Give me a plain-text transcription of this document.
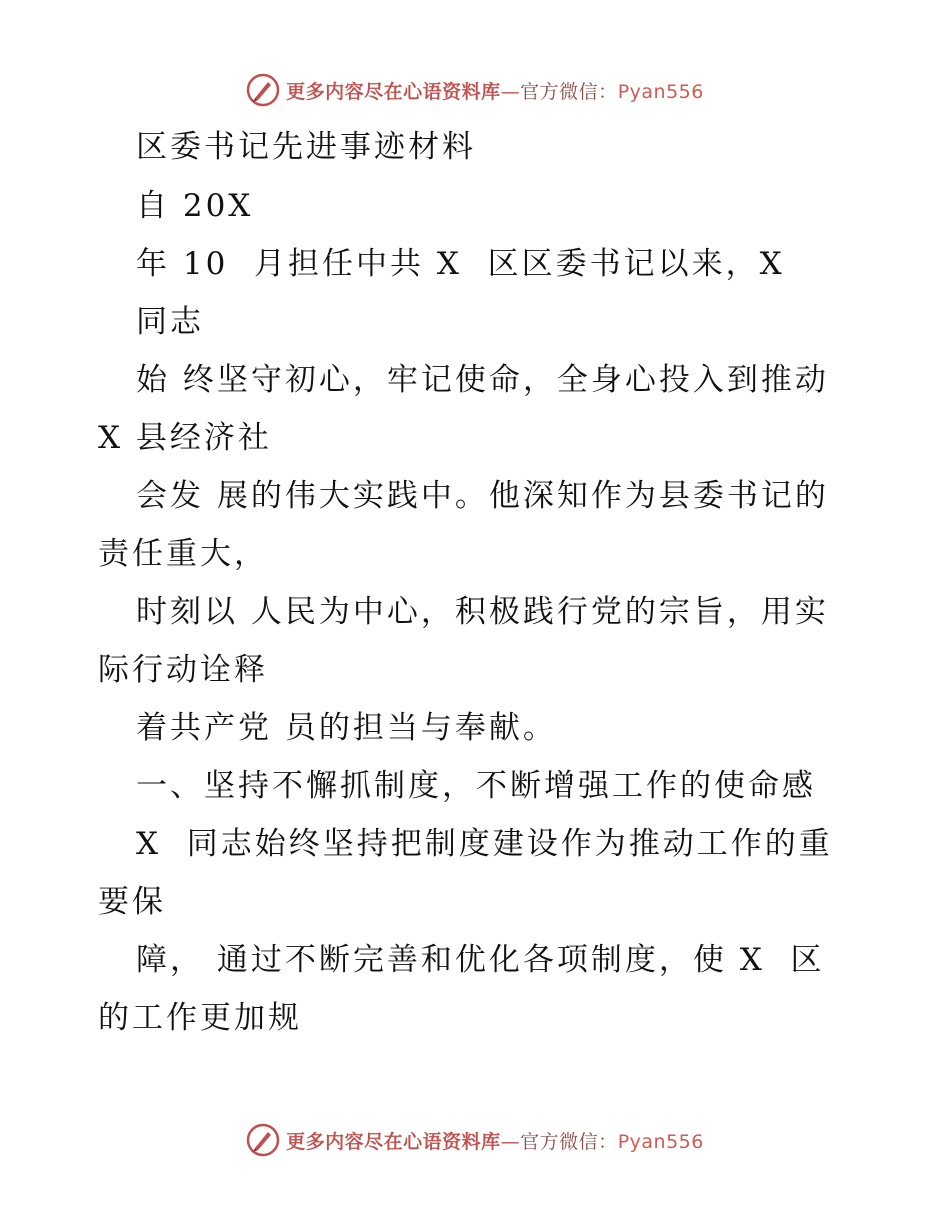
更多内容尽在心语资料库—官方微信：Pyan556
区委书记先进事迹材料
自 20X
年 10  月担任中共 X  区区委书记以来，X
同志
始 终坚守初心，牢记使命，全身心投入到推动
X 县经济社
会发 展的伟大实践中。他深知作为县委书记的
责任重大，
时刻以 人民为中心，积极践行党的宗旨，用实
际行动诠释
着共产党 员的担当与奉献。
一、坚持不懈抓制度，不断增强工作的使命感
X  同志始终坚持把制度建设作为推动工作的重
要保
障， 通过不断完善和优化各项制度，使 X  区
的工作更加规
更多内容尽在心语资料库—官方微信：Pyan556
